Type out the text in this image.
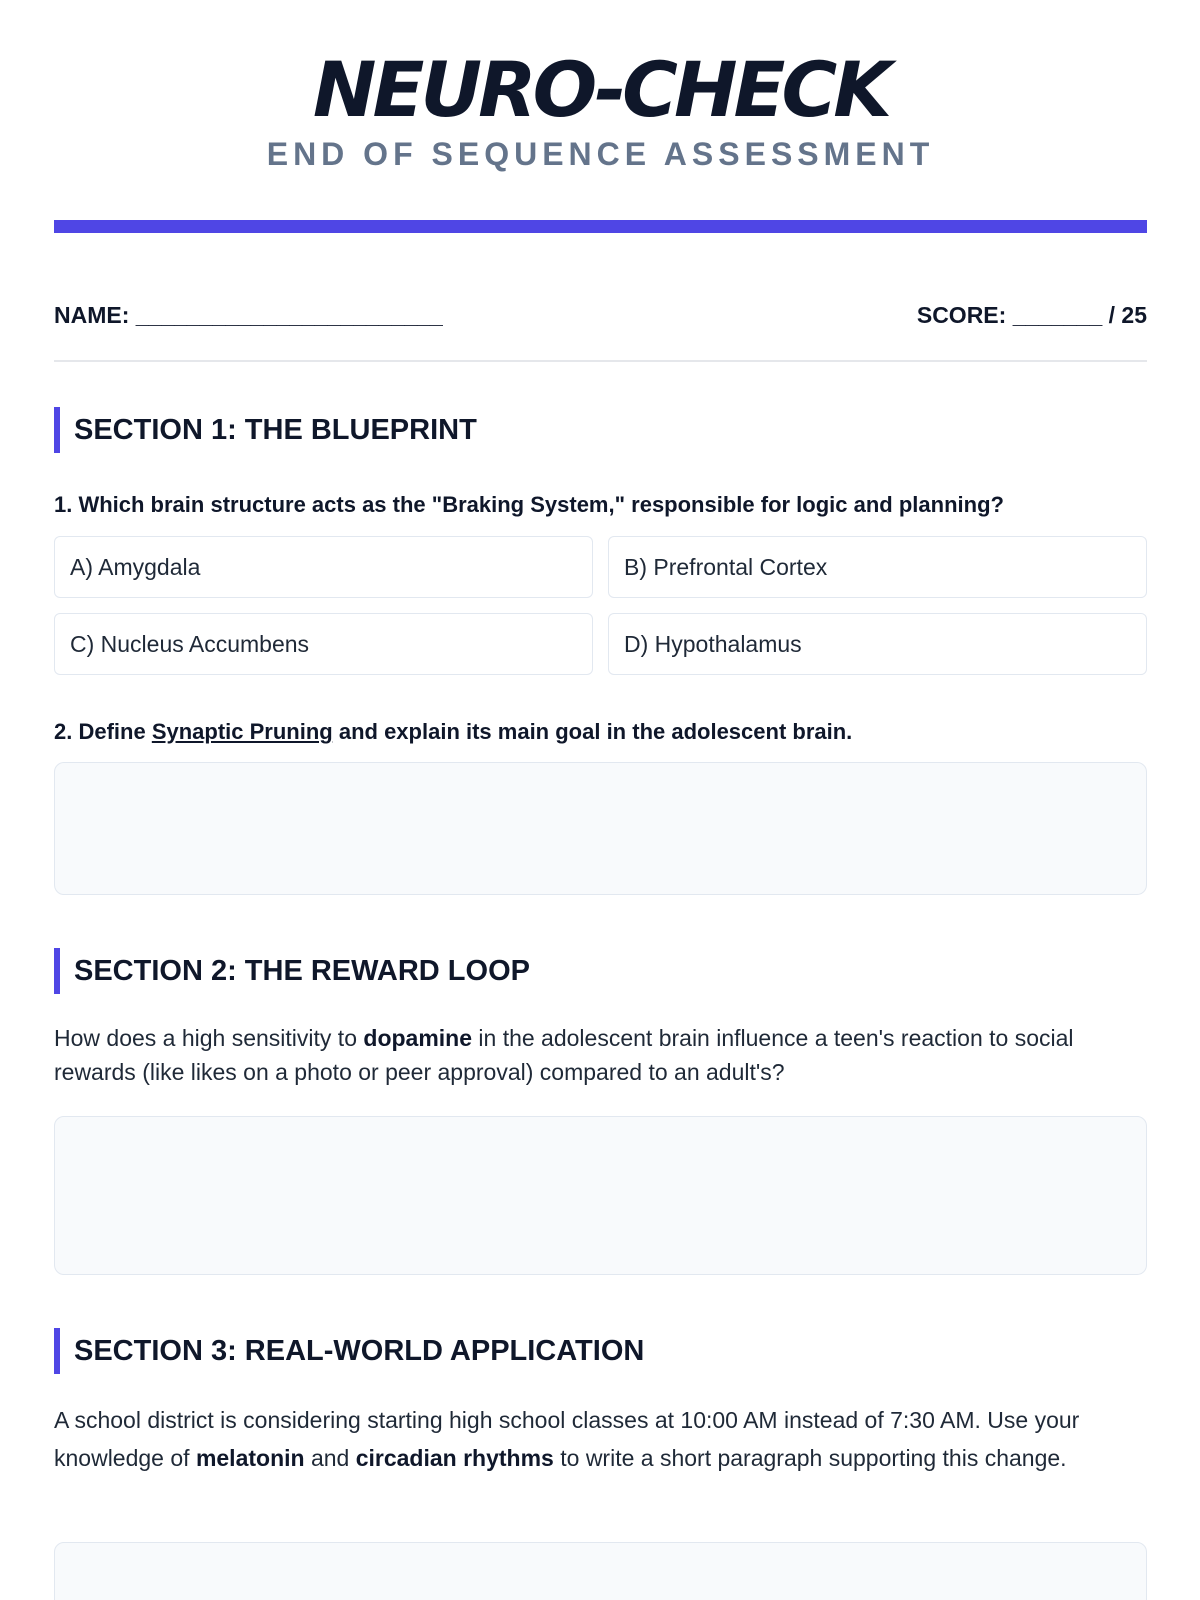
NEURO-CHECK
END OF SEQUENCE ASSESSMENT
NAME: ________________________	SCORE: _______ / 25
SECTION 1: THE BLUEPRINT
1. Which brain structure acts as the "Braking System," responsible for logic and planning?
A) Amygdala	B) Prefrontal Cortex
C) Nucleus Accumbens	D) Hypothalamus
2. Define Synaptic Pruning and explain its main goal in the adolescent brain.
SECTION 2: THE REWARD LOOP
How does a high sensitivity to dopamine in the adolescent brain influence a teen's reaction to social rewards (like likes on a photo or peer approval) compared to an adult's?
SECTION 3: REAL-WORLD APPLICATION
A school district is considering starting high school classes at 10:00 AM instead of 7:30 AM. Use your knowledge of melatonin and circadian rhythms to write a short paragraph supporting this change.
